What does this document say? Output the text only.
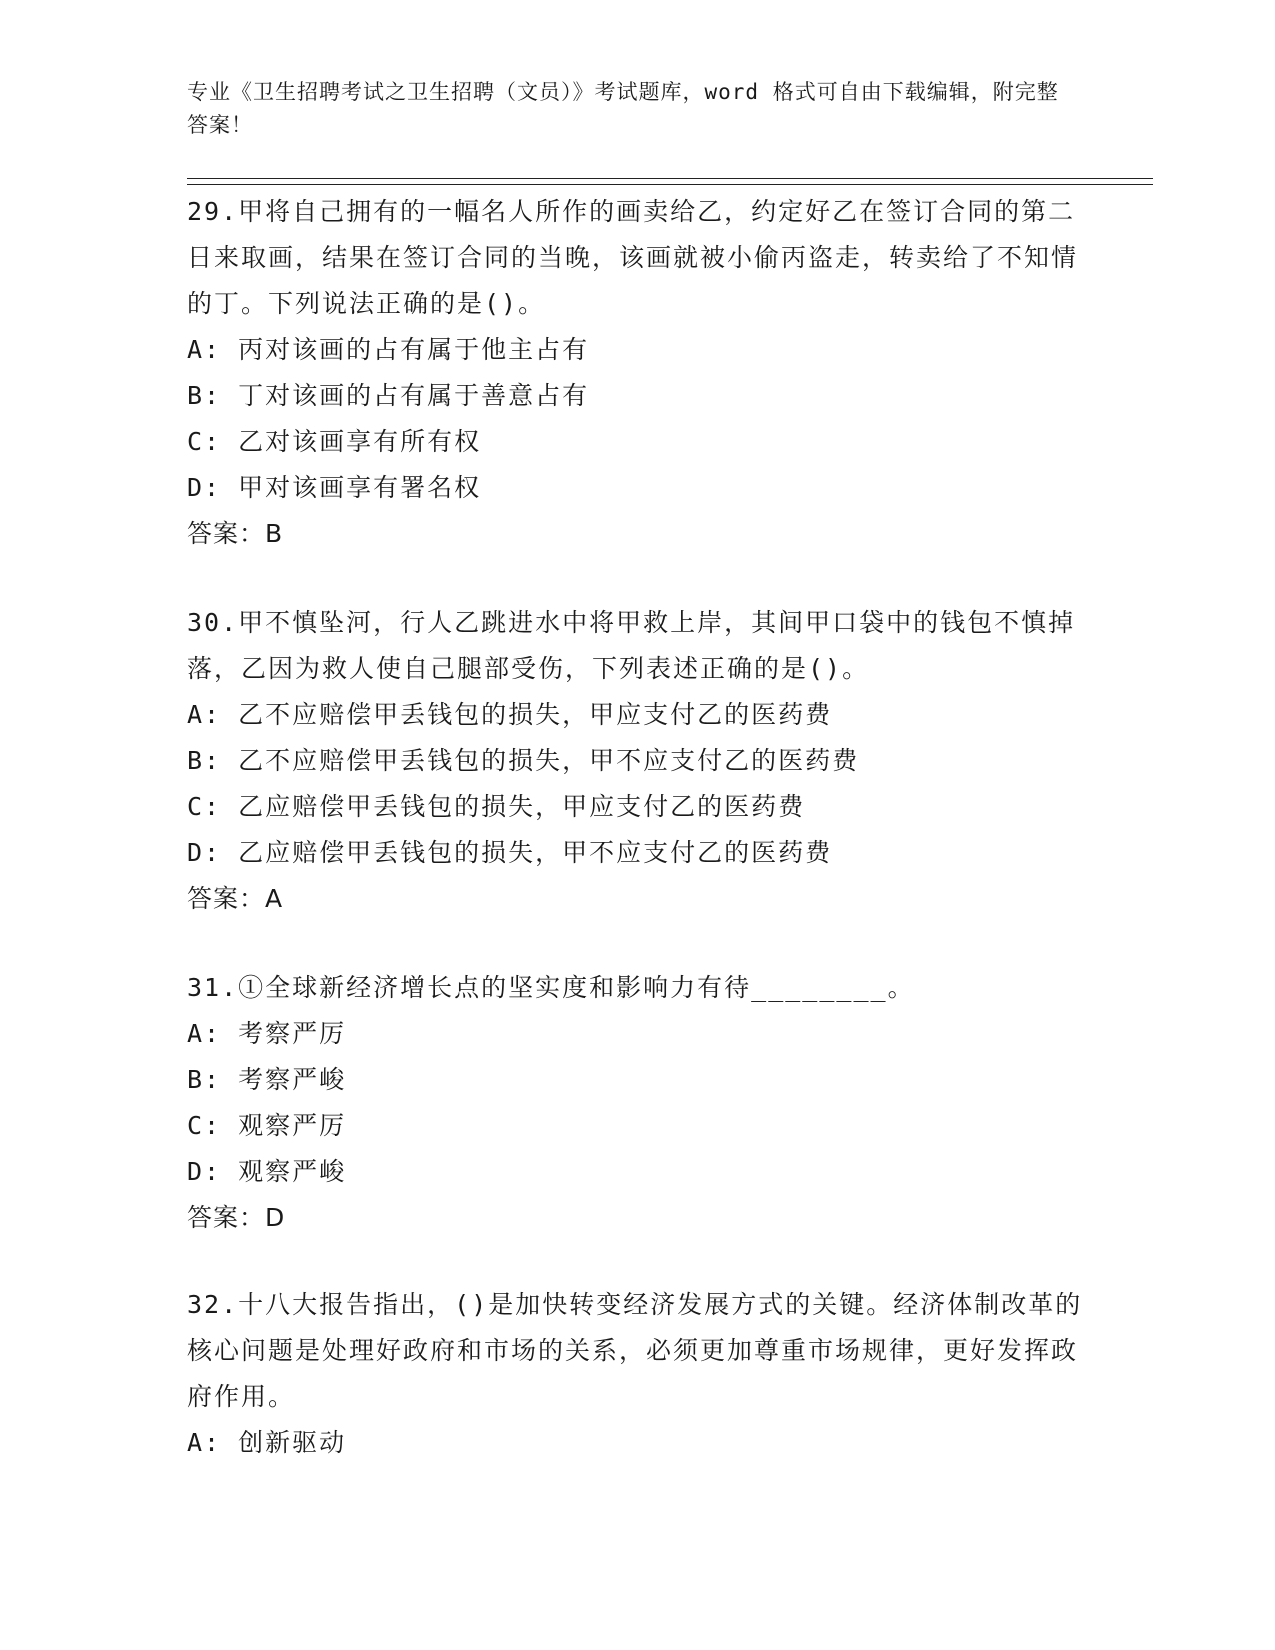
专业《卫生招聘考试之卫生招聘（文员）》考试题库，word 格式可自由下载编辑，附完整答案！
29.甲将自己拥有的一幅名人所作的画卖给乙，约定好乙在签订合同的第二日来取画，结果在签订合同的当晚，该画就被小偷丙盗走，转卖给了不知情的丁。下列说法正确的是()。
A: 丙对该画的占有属于他主占有
B: 丁对该画的占有属于善意占有
C: 乙对该画享有所有权
D: 甲对该画享有署名权
答案：B
30.甲不慎坠河，行人乙跳进水中将甲救上岸，其间甲口袋中的钱包不慎掉落，乙因为救人使自己腿部受伤，下列表述正确的是()。
A: 乙不应赔偿甲丢钱包的损失，甲应支付乙的医药费
B: 乙不应赔偿甲丢钱包的损失，甲不应支付乙的医药费
C: 乙应赔偿甲丢钱包的损失，甲应支付乙的医药费
D: 乙应赔偿甲丢钱包的损失，甲不应支付乙的医药费
答案：A
31.①全球新经济增长点的坚实度和影响力有待________。
A: 考察严厉
B: 考察严峻
C: 观察严厉
D: 观察严峻
答案：D
32.十八大报告指出，()是加快转变经济发展方式的关键。经济体制改革的核心问题是处理好政府和市场的关系，必须更加尊重市场规律，更好发挥政府作用。
A: 创新驱动
